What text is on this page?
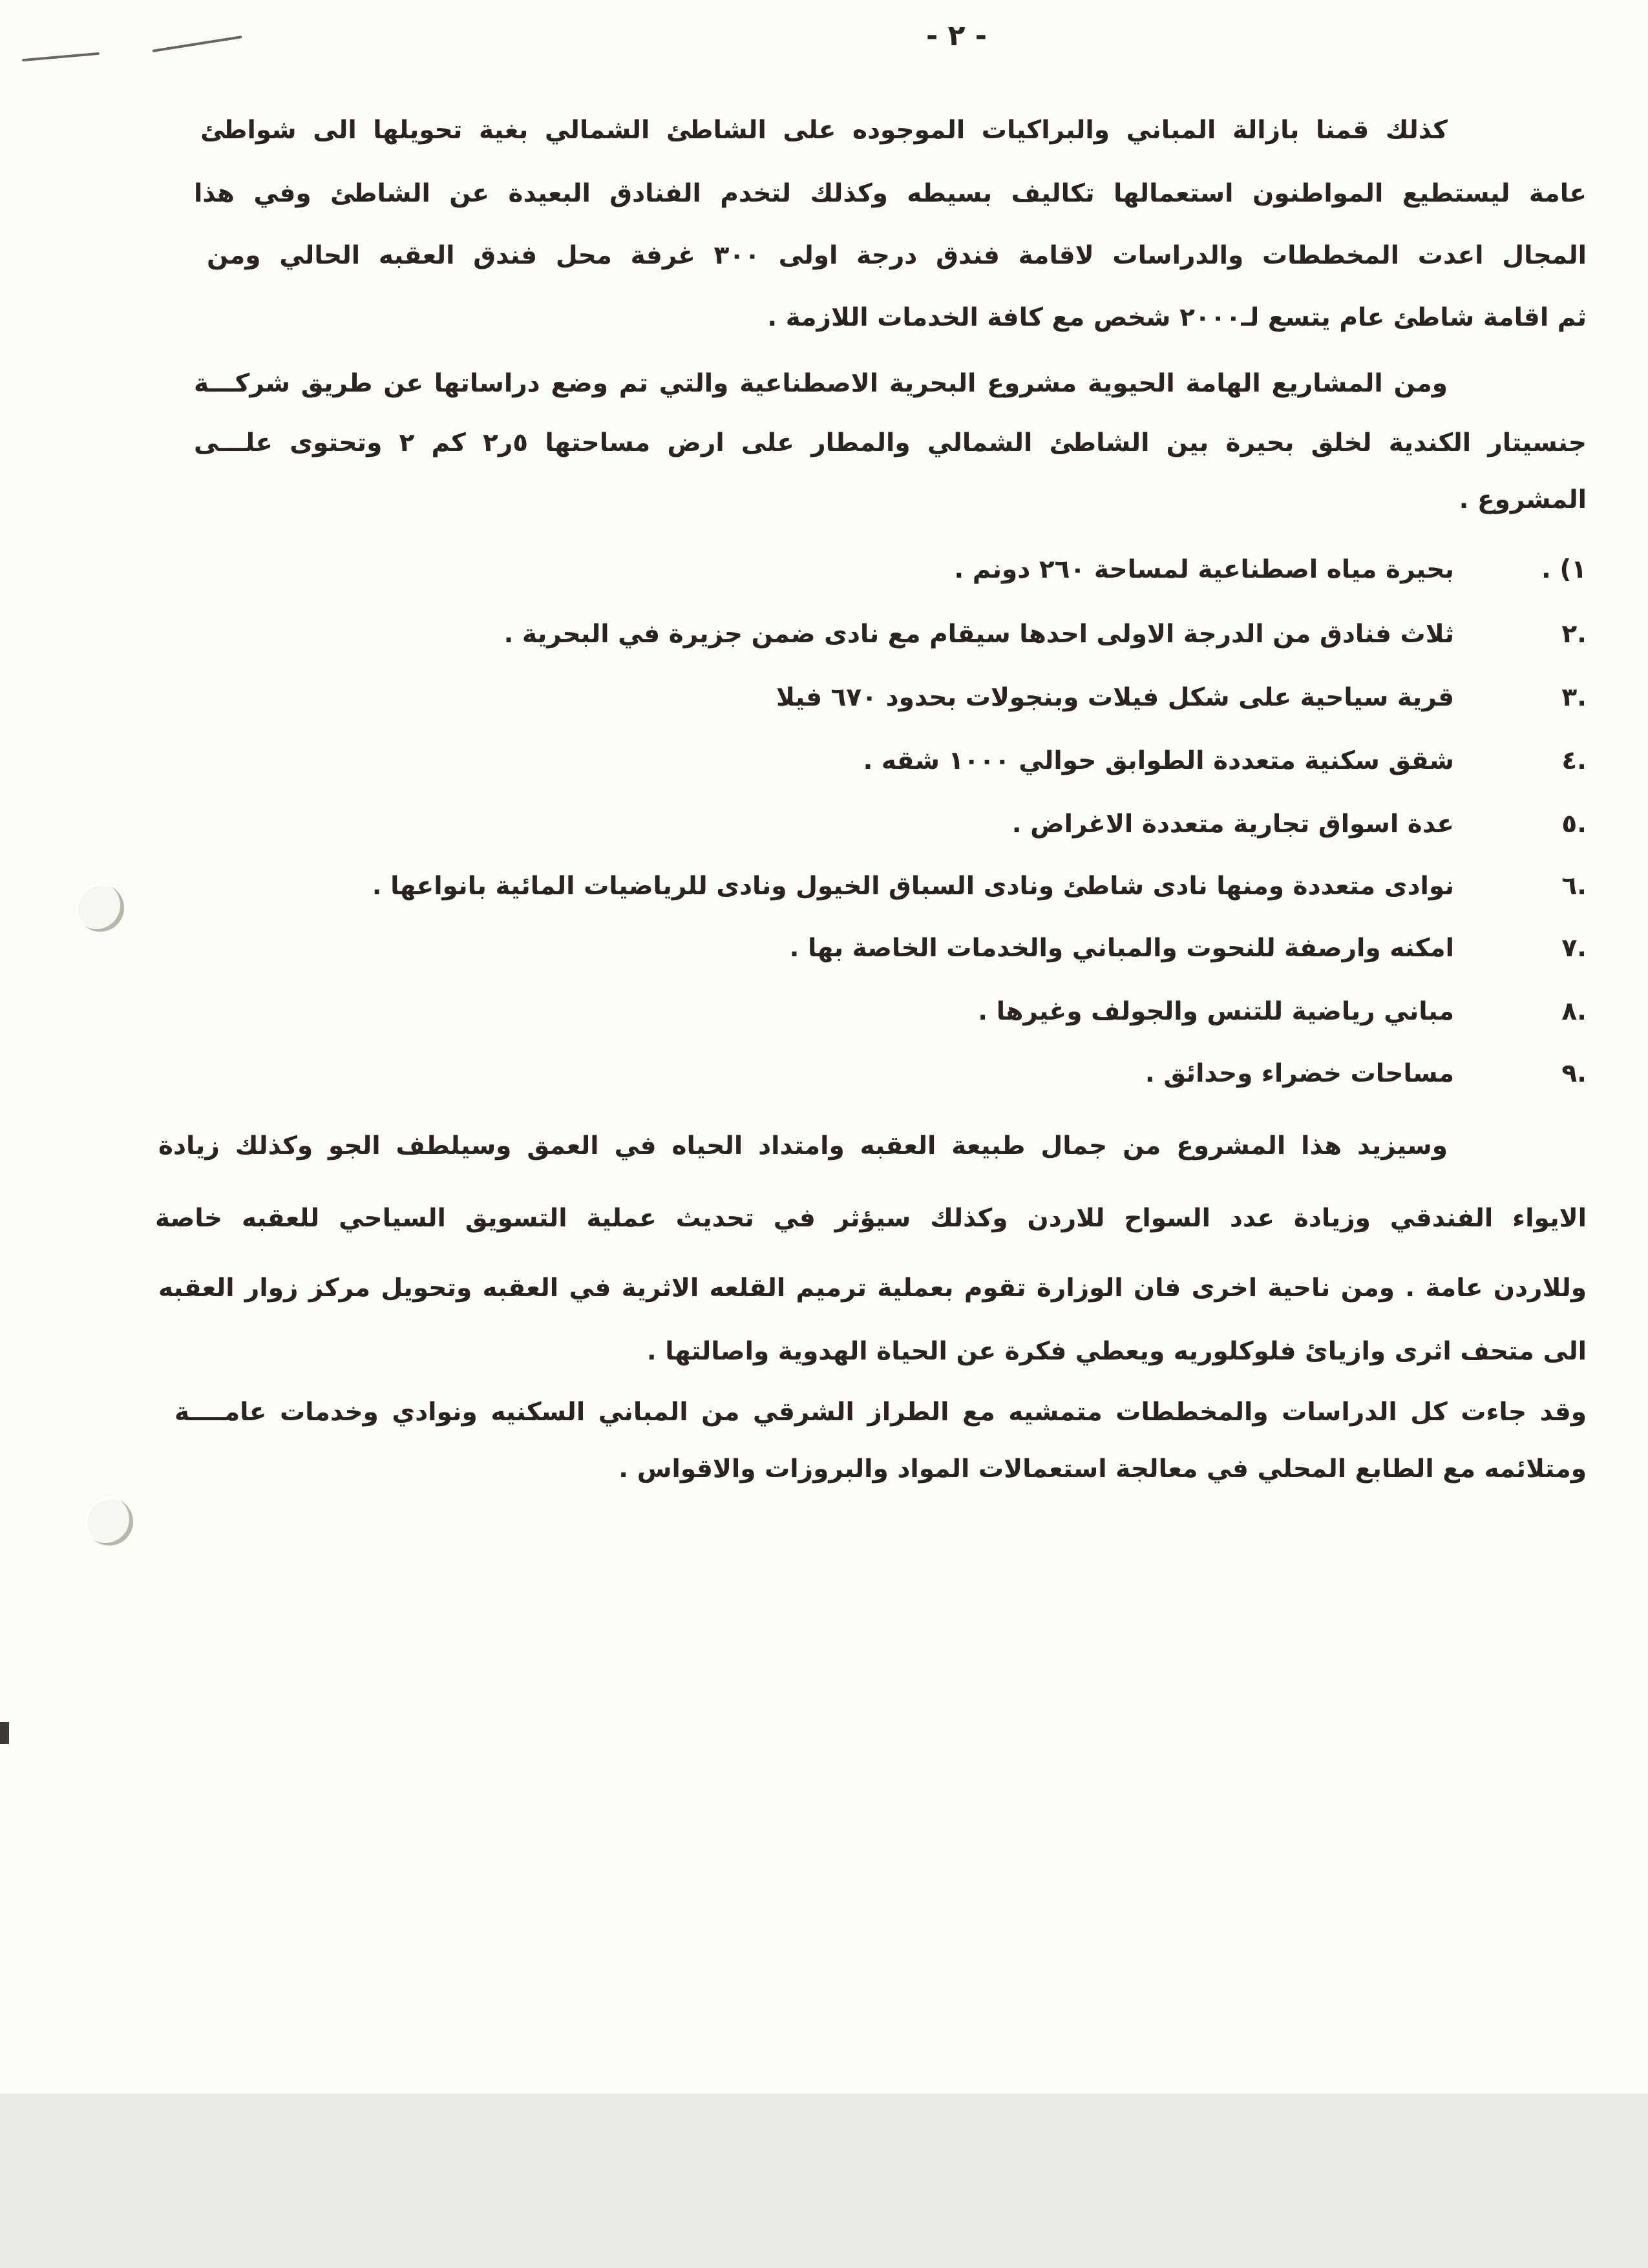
- ٢ -
كذلك قمنا بازالة المباني والبراكيات الموجوده على الشاطئ الشمالي بغية تحويلها الى شواطئ
عامة ليستطيع المواطنون استعمالها تكاليف بسيطه وكذلك لتخدم الفنادق البعيدة عن الشاطئ وفي هذا
المجال اعدت المخططات والدراسات لاقامة فندق درجة اولى ٣٠٠ غرفة محل فندق العقبه الحالي ومن
ثم اقامة شاطئ عام يتسع لـ٢٠٠٠ شخص مع كافة الخدمات اللازمة .
ومن المشاريع الهامة الحيوية مشروع البحرية الاصطناعية والتي تم وضع دراساتها عن طريق شركـــة
جنسيتار الكندية لخلق بحيرة بين الشاطئ الشمالي والمطار على ارض مساحتها ٥ر٢ كم ٢ وتحتوى علـــى
المشروع .
١) .
بحيرة مياه اصطناعية لمساحة ٢٦٠ دونم .
.٢
ثلاث فنادق من الدرجة الاولى احدها سيقام مع نادى ضمن جزيرة في البحرية .
.٣
قرية سياحية على شكل فيلات وبنجولات بحدود ٦٧٠ فيلا
.٤
شقق سكنية متعددة الطوابق حوالي ١٠٠٠ شقه .
.٥
عدة اسواق تجارية متعددة الاغراض .
.٦
نوادى متعددة ومنها نادى شاطئ ونادى السباق الخيول ونادى للرياضيات المائية بانواعها .
.٧
امكنه وارصفة للنحوت والمباني والخدمات الخاصة بها .
.٨
مباني رياضية للتنس والجولف وغيرها .
.٩
مساحات خضراء وحدائق .
وسيزيد هذا المشروع من جمال طبيعة العقبه وامتداد الحياه في العمق وسيلطف الجو وكذلك زيادة
الايواء الفندقي وزيادة عدد السواح للاردن وكذلك سيؤثر في تحديث عملية التسويق السياحي للعقبه خاصة
وللاردن عامة . ومن ناحية اخرى فان الوزارة تقوم بعملية ترميم القلعه الاثرية في العقبه وتحويل مركز زوار العقبه
الى متحف اثرى وازيائ فلوكلوريه ويعطي فكرة عن الحياة الهدوية واصالتها .
وقد جاءت كل الدراسات والمخططات متمشيه مع الطراز الشرقي من المباني السكنيه ونوادي وخدمات عامــــة
ومتلائمه مع الطابع المحلي في معالجة استعمالات المواد والبروزات والاقواس .
